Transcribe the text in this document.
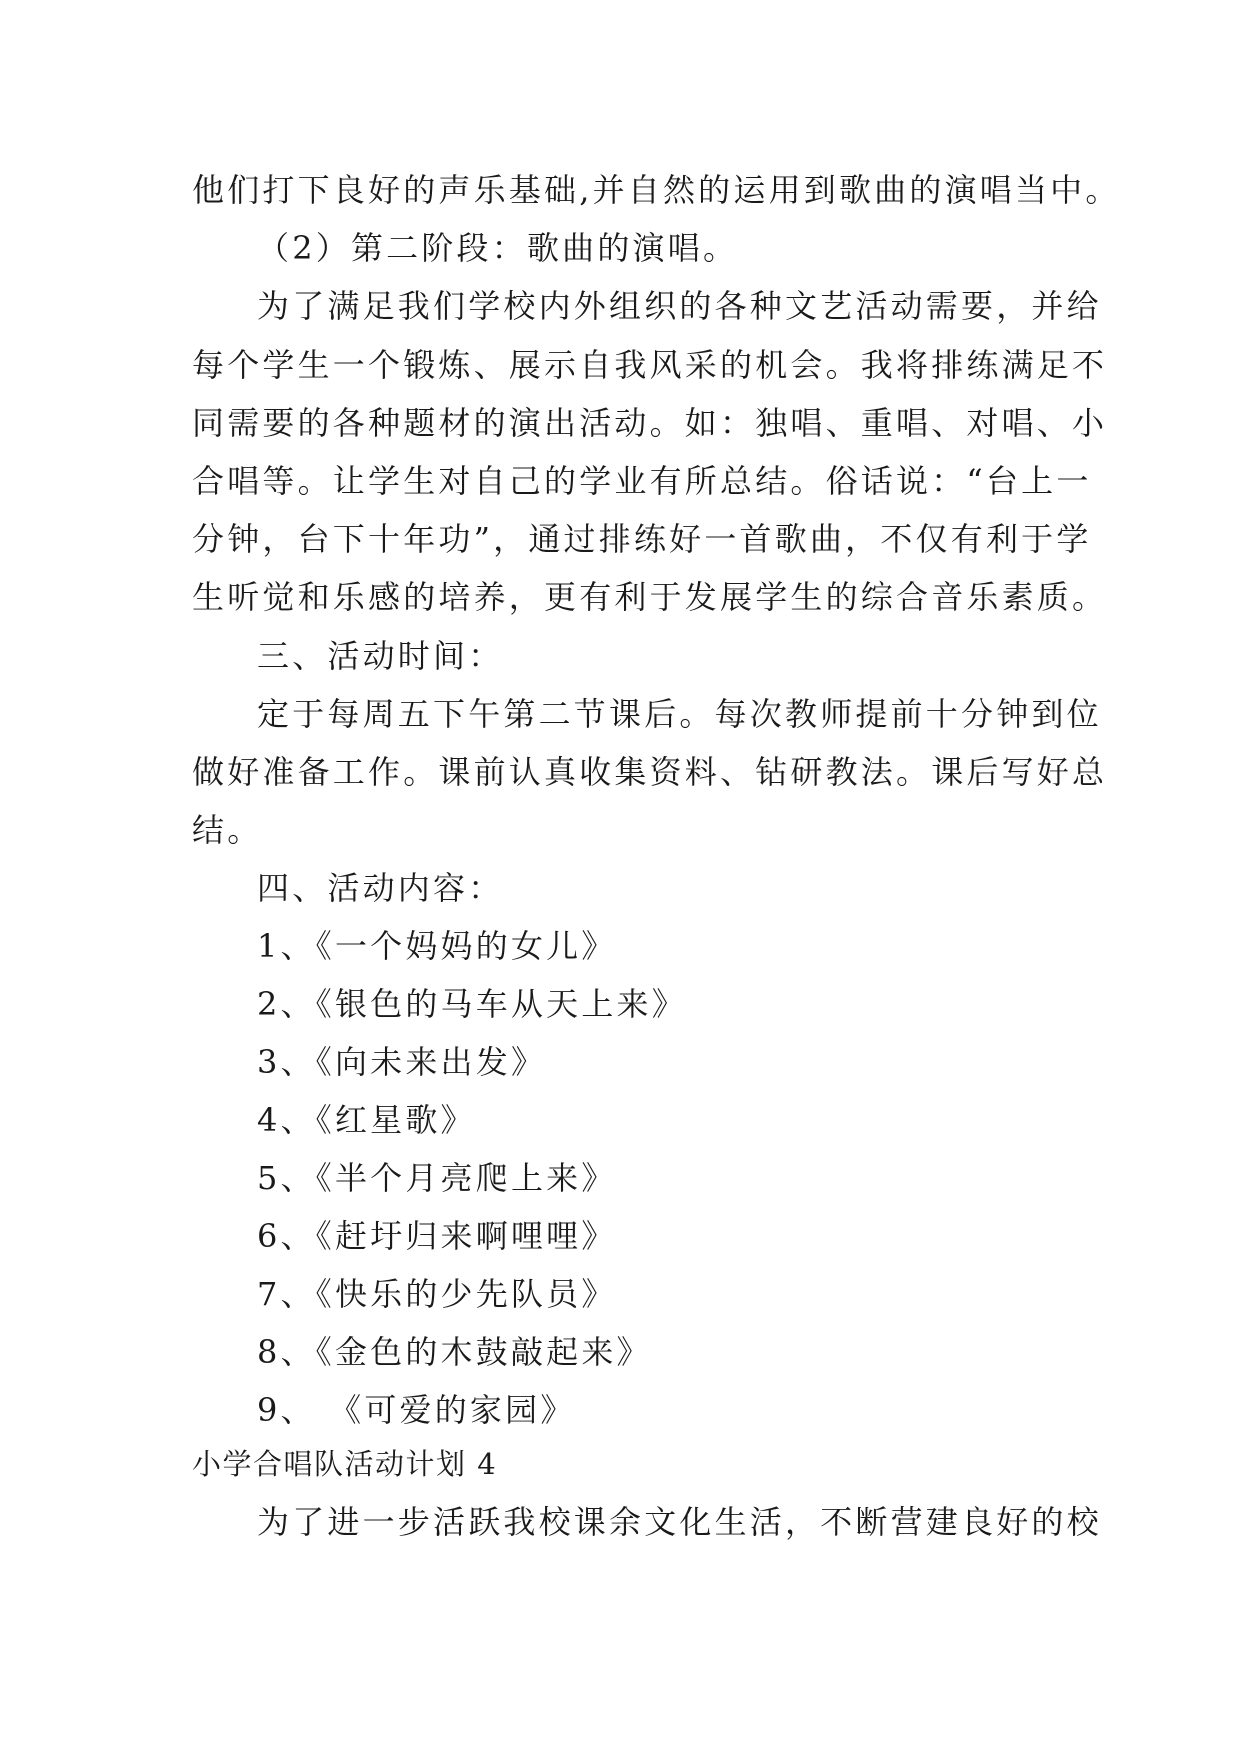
他们打下良好的声乐基础,并自然的运用到歌曲的演唱当中。
（2）第二阶段：歌曲的演唱。
为了满足我们学校内外组织的各种文艺活动需要，并给
每个学生一个锻炼、展示自我风采的机会。我将排练满足不
同需要的各种题材的演出活动。如：独唱、重唱、对唱、小
合唱等。让学生对自己的学业有所总结。俗话说：“台上一
分钟，台下十年功”，通过排练好一首歌曲，不仅有利于学
生听觉和乐感的培养，更有利于发展学生的综合音乐素质。
三、活动时间：
定于每周五下午第二节课后。每次教师提前十分钟到位
做好准备工作。课前认真收集资料、钻研教法。课后写好总
结。
四、活动内容：
1、《一个妈妈的女儿》
2、《银色的马车从天上来》
3、《向未来出发》
4、《红星歌》
5、《半个月亮爬上来》
6、《赶圩归来啊哩哩》
7、《快乐的少先队员》
8、《金色的木鼓敲起来》
9、 《可爱的家园》
小学合唱队活动计划 4
为了进一步活跃我校课余文化生活，不断营建良好的校
